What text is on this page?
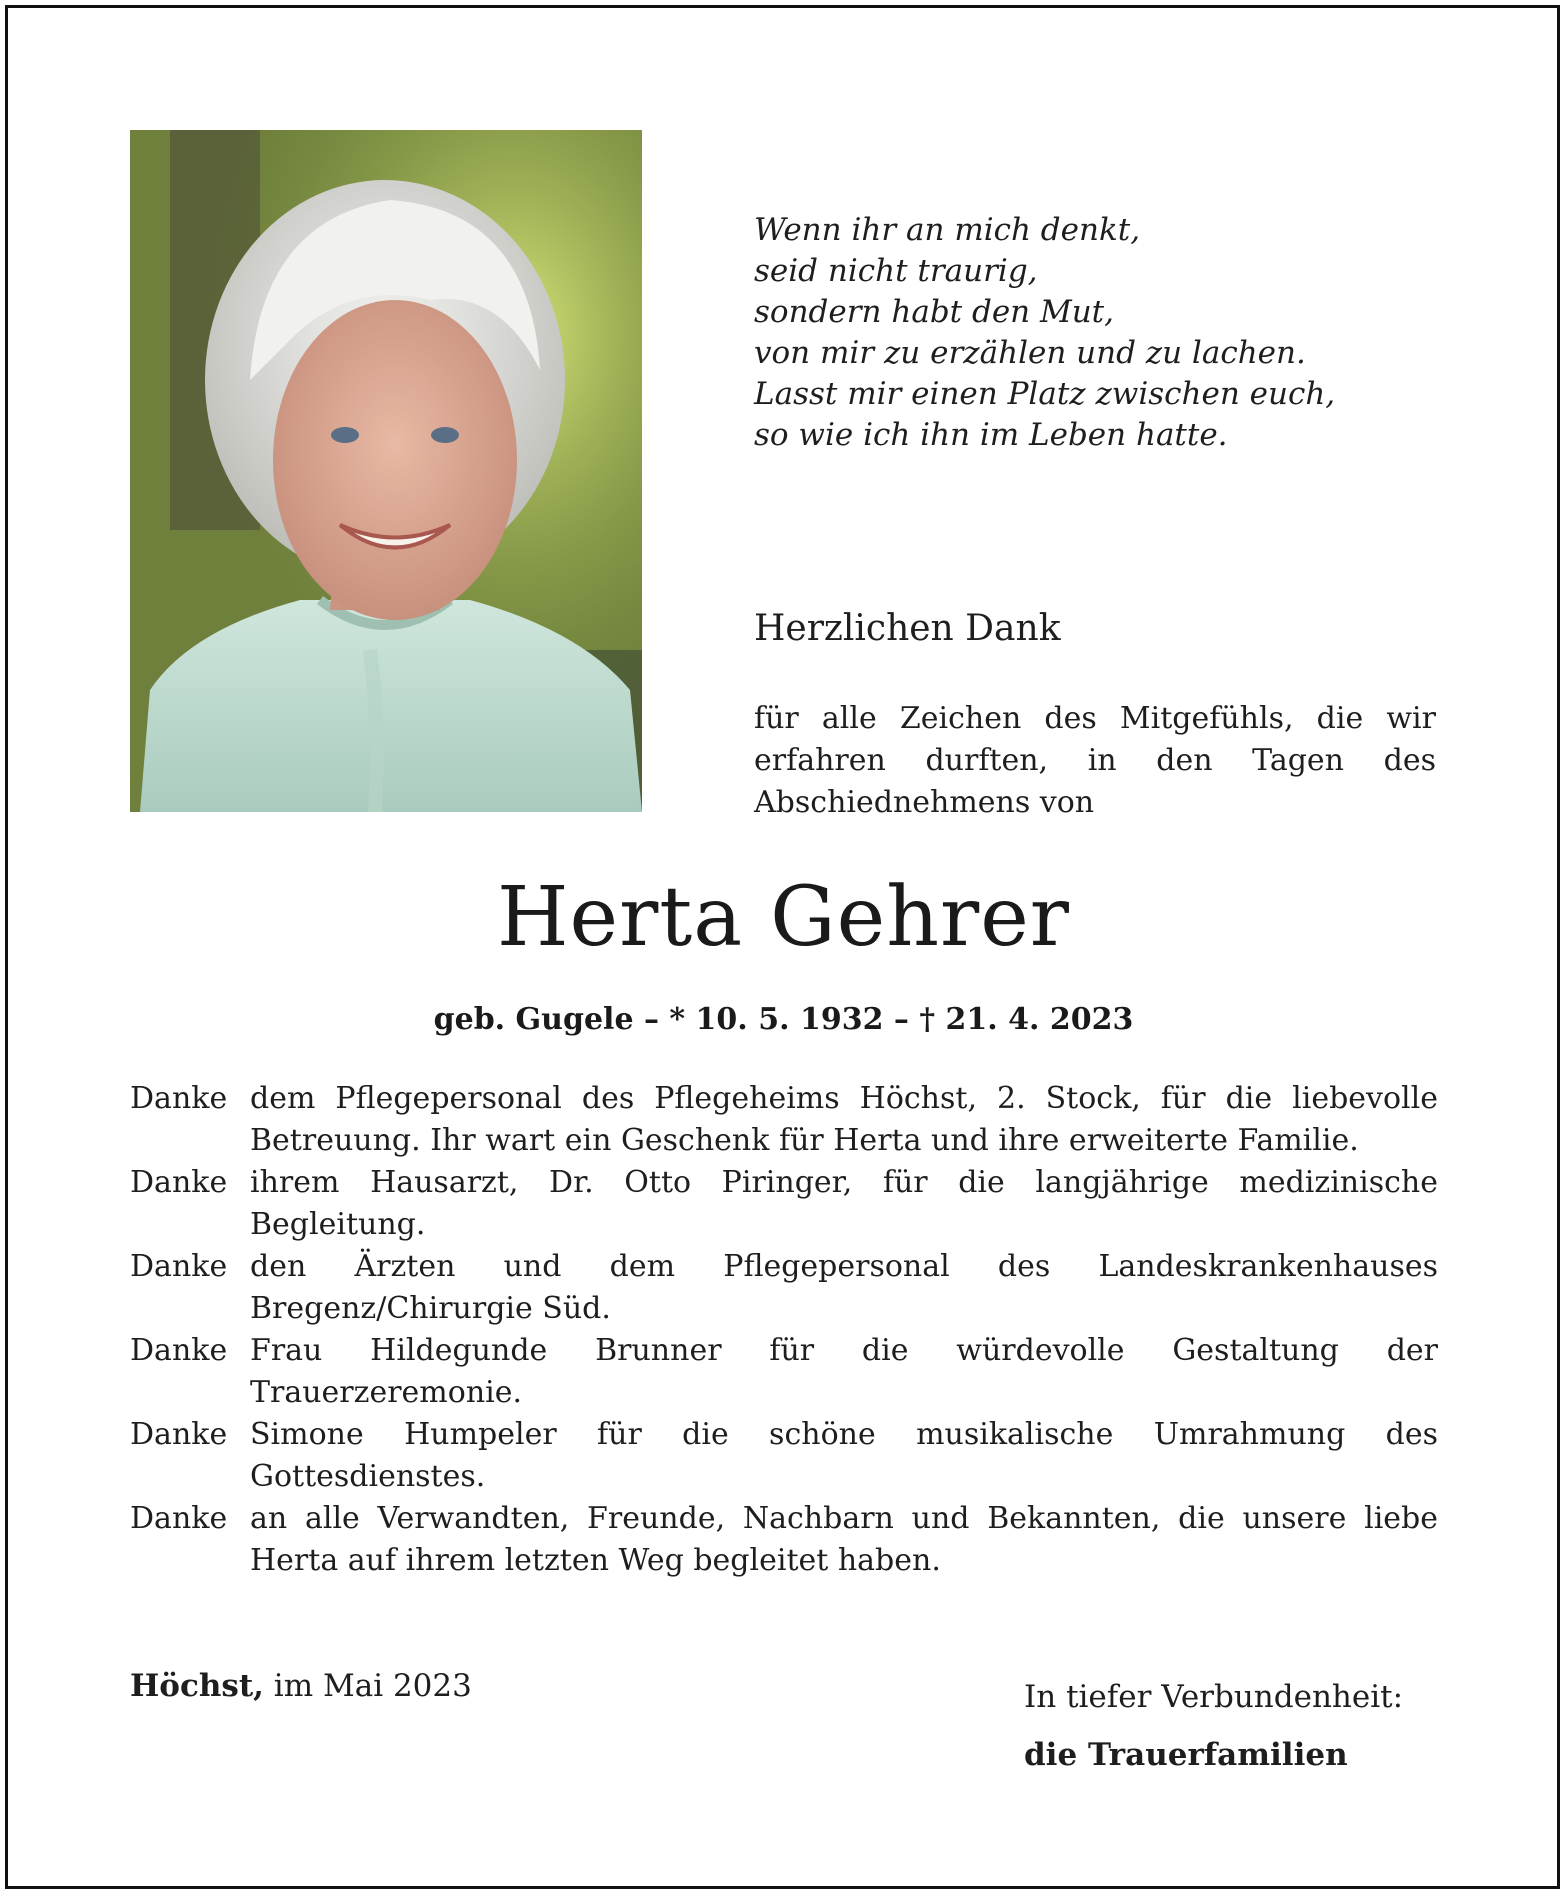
Wenn ihr an mich denkt,
seid nicht traurig,
sondern habt den Mut,
von mir zu erzählen und zu lachen.
Lasst mir einen Platz zwischen euch,
so wie ich ihn im Leben hatte.
Herzlichen Dank
für alle Zeichen des Mitgefühls, die wir erfahren durften, in den Tagen des Abschiednehmens von
Herta Gehrer
geb. Gugele – * 10. 5. 1932 – † 21. 4. 2023
Danke dem Pflegepersonal des Pflegeheims Höchst, 2. Stock, für die liebevolle Betreuung. Ihr wart ein Geschenk für Herta und ihre erweiterte Familie.
Danke ihrem Hausarzt, Dr. Otto Piringer, für die langjährige medizinische Begleitung.
Danke den Ärzten und dem Pflegepersonal des Landeskrankenhauses Bregenz/Chirurgie Süd.
Danke Frau Hildegunde Brunner für die würdevolle Gestaltung der Trauerzeremonie.
Danke Simone Humpeler für die schöne musikalische Umrahmung des Gottesdienstes.
Danke an alle Verwandten, Freunde, Nachbarn und Bekannten, die unsere liebe Herta auf ihrem letzten Weg begleitet haben.
Höchst, im Mai 2023	In tiefer Verbundenheit:
die Trauerfamilien
